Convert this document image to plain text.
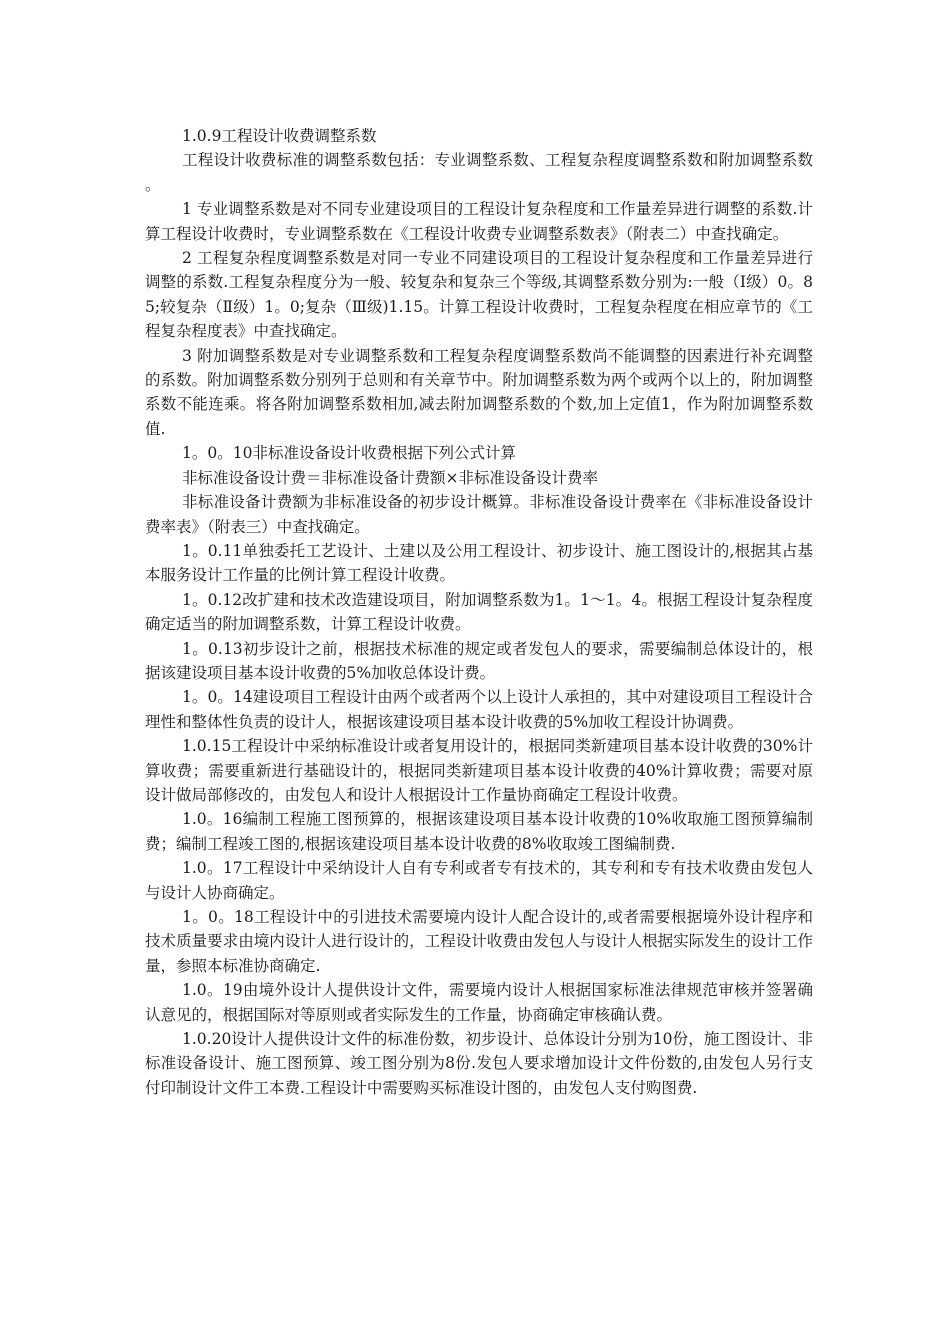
1.0.9工程设计收费调整系数

工程设计收费标准的调整系数包括：专业调整系数、工程复杂程度调整系数和附加调整系数。

1 专业调整系数是对不同专业建设项目的工程设计复杂程度和工作量差异进行调整的系数.计算工程设计收费时，专业调整系数在《工程设计收费专业调整系数表》（附表二）中查找确定。

2 工程复杂程度调整系数是对同一专业不同建设项目的工程设计复杂程度和工作量差异进行调整的系数.工程复杂程度分为一般、较复杂和复杂三个等级,其调整系数分别为:一般（Ⅰ级）0。85;较复杂（Ⅱ级）1。0;复杂（Ⅲ级)1.15。计算工程设计收费时，工程复杂程度在相应章节的《工程复杂程度表》中查找确定。

3 附加调整系数是对专业调整系数和工程复杂程度调整系数尚不能调整的因素进行补充调整的系数。附加调整系数分别列于总则和有关章节中。附加调整系数为两个或两个以上的，附加调整系数不能连乘。将各附加调整系数相加,减去附加调整系数的个数,加上定值1，作为附加调整系数值.

1。0。10非标准设备设计收费根据下列公式计算

非标准设备设计费＝非标准设备计费额×非标准设备设计费率

非标准设备计费额为非标准设备的初步设计概算。非标准设备设计费率在《非标准设备设计费率表》（附表三）中查找确定。

1。0.11单独委托工艺设计、土建以及公用工程设计、初步设计、施工图设计的,根据其占基本服务设计工作量的比例计算工程设计收费。

1。0.12改扩建和技术改造建设项目，附加调整系数为1。1～1。4。根据工程设计复杂程度确定适当的附加调整系数，计算工程设计收费。

1。0.13初步设计之前，根据技术标准的规定或者发包人的要求，需要编制总体设计的，根据该建设项目基本设计收费的5%加收总体设计费。

1。0。14建设项目工程设计由两个或者两个以上设计人承担的，其中对建设项目工程设计合理性和整体性负责的设计人，根据该建设项目基本设计收费的5%加收工程设计协调费。

1.0.15工程设计中采纳标准设计或者复用设计的，根据同类新建项目基本设计收费的30%计算收费；需要重新进行基础设计的，根据同类新建项目基本设计收费的40%计算收费；需要对原设计做局部修改的，由发包人和设计人根据设计工作量协商确定工程设计收费。

1.0。16编制工程施工图预算的，根据该建设项目基本设计收费的10%收取施工图预算编制费；编制工程竣工图的,根据该建设项目基本设计收费的8%收取竣工图编制费.

1.0。17工程设计中采纳设计人自有专利或者专有技术的，其专利和专有技术收费由发包人与设计人协商确定。

1。0。18工程设计中的引进技术需要境内设计人配合设计的,或者需要根据境外设计程序和技术质量要求由境内设计人进行设计的，工程设计收费由发包人与设计人根据实际发生的设计工作量，参照本标准协商确定.

1.0。19由境外设计人提供设计文件，需要境内设计人根据国家标准法律规范审核并签署确认意见的，根据国际对等原则或者实际发生的工作量，协商确定审核确认费。

1.0.20设计人提供设计文件的标准份数，初步设计、总体设计分别为10份，施工图设计、非标准设备设计、施工图预算、竣工图分别为8份.发包人要求增加设计文件份数的,由发包人另行支付印制设计文件工本费.工程设计中需要购买标准设计图的，由发包人支付购图费.
